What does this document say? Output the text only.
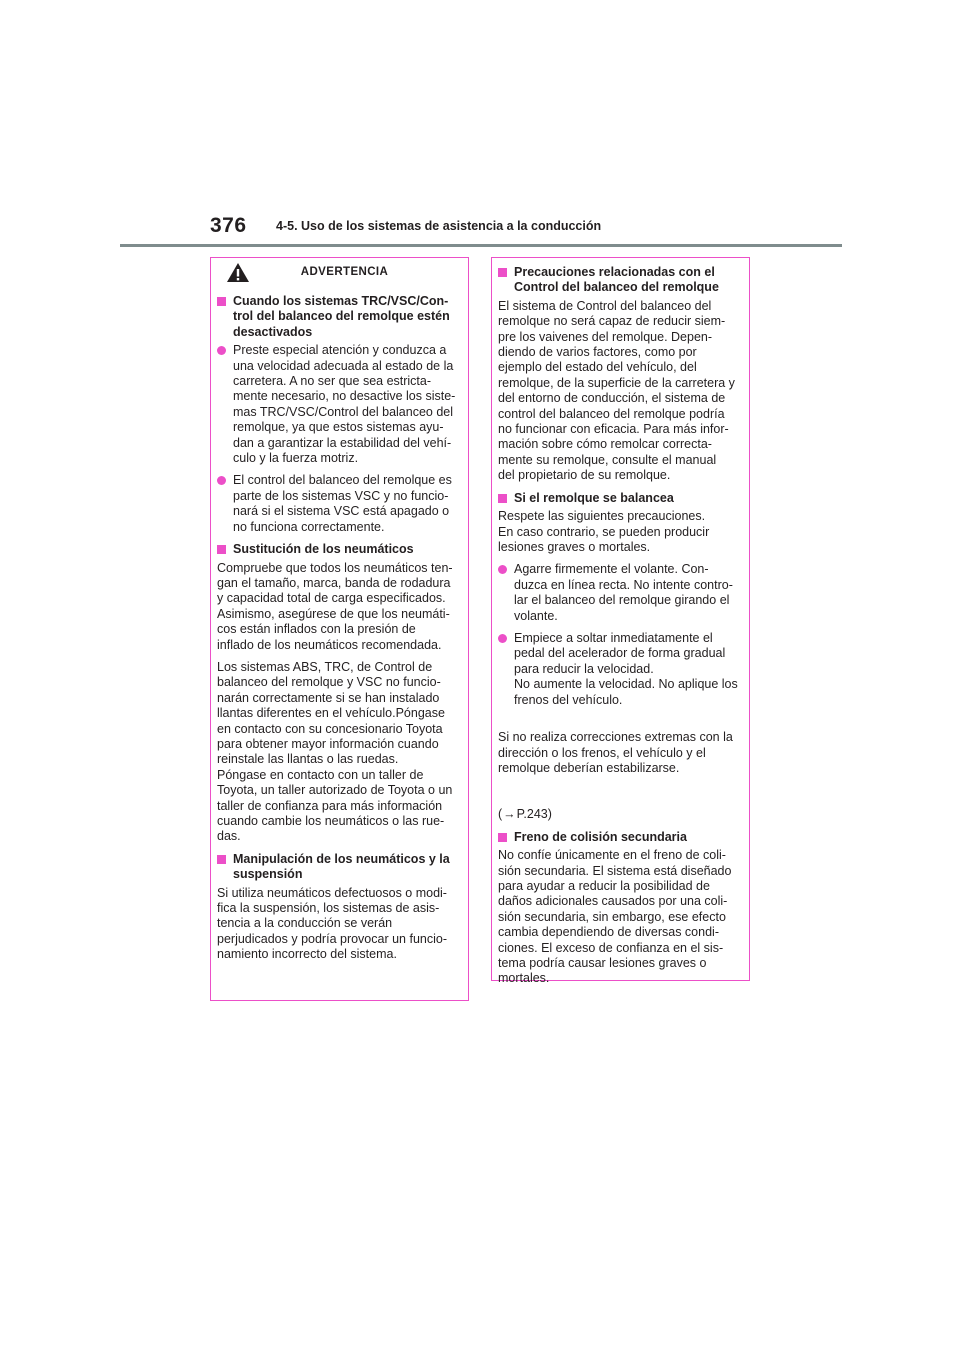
376 4-5. Uso de los sistemas de asistencia a la conducción
ADVERTENCIA
Cuando los sistemas TRC/VSC/Con-
trol del balanceo del remolque estén
desactivados
Preste especial atención y conduzca a
una velocidad adecuada al estado de la
carretera. A no ser que sea estricta-
mente necesario, no desactive los siste-
mas TRC/VSC/Control del balanceo del
remolque, ya que estos sistemas ayu-
dan a garantizar la estabilidad del vehí-
culo y la fuerza motriz.
El control del balanceo del remolque es
parte de los sistemas VSC y no funcio-
nará si el sistema VSC está apagado o
no funciona correctamente.
Sustitución de los neumáticos

Compruebe que todos los neumáticos ten-
gan el tamaño, marca, banda de rodadura
y capacidad total de carga especificados.
Asimismo, asegúrese de que los neumáti-
cos están inflados con la presión de
inflado de los neumáticos recomendada.

Los sistemas ABS, TRC, de Control de
balanceo del remolque y VSC no funcio-
narán correctamente si se han instalado
llantas diferentes en el vehículo.Póngase
en contacto con su concesionario Toyota
para obtener mayor información cuando
reinstale las llantas o las ruedas.
Póngase en contacto con un taller de
Toyota, un taller autorizado de Toyota o un
taller de confianza para más información
cuando cambie los neumáticos o las rue-
das.

Manipulación de los neumáticos y la
suspensión

Si utiliza neumáticos defectuosos o modi-
fica la suspensión, los sistemas de asis-
tencia a la conducción se verán
perjudicados y podría provocar un funcio-
namiento incorrecto del sistema.

Precauciones relacionadas con el
Control del balanceo del remolque

El sistema de Control del balanceo del
remolque no será capaz de reducir siem-
pre los vaivenes del remolque. Depen-
diendo de varios factores, como por
ejemplo del estado del vehículo, del
remolque, de la superficie de la carretera y
del entorno de conducción, el sistema de
control del balanceo del remolque podría
no funcionar con eficacia. Para más infor-
mación sobre cómo remolcar correcta-
mente su remolque, consulte el manual
del propietario de su remolque.

Si el remolque se balancea

Respete las siguientes precauciones.
En caso contrario, se pueden producir
lesiones graves o mortales.

Agarre firmemente el volante. Con-
duzca en línea recta. No intente contro-
lar el balanceo del remolque girando el
volante.
Empiece a soltar inmediatamente el
pedal del acelerador de forma gradual
para reducir la velocidad.
No aumente la velocidad. No aplique los
frenos del vehículo.

Si no realiza correcciones extremas con la
dirección o los frenos, el vehículo y el
remolque deberían estabilizarse.

(→P.243)

Freno de colisión secundaria

No confíe únicamente en el freno de coli-
sión secundaria. El sistema está diseñado
para ayudar a reducir la posibilidad de
daños adicionales causados por una coli-
sión secundaria, sin embargo, ese efecto
cambia dependiendo de diversas condi-
ciones. El exceso de confianza en el sis-
tema podría causar lesiones graves o
mortales.
